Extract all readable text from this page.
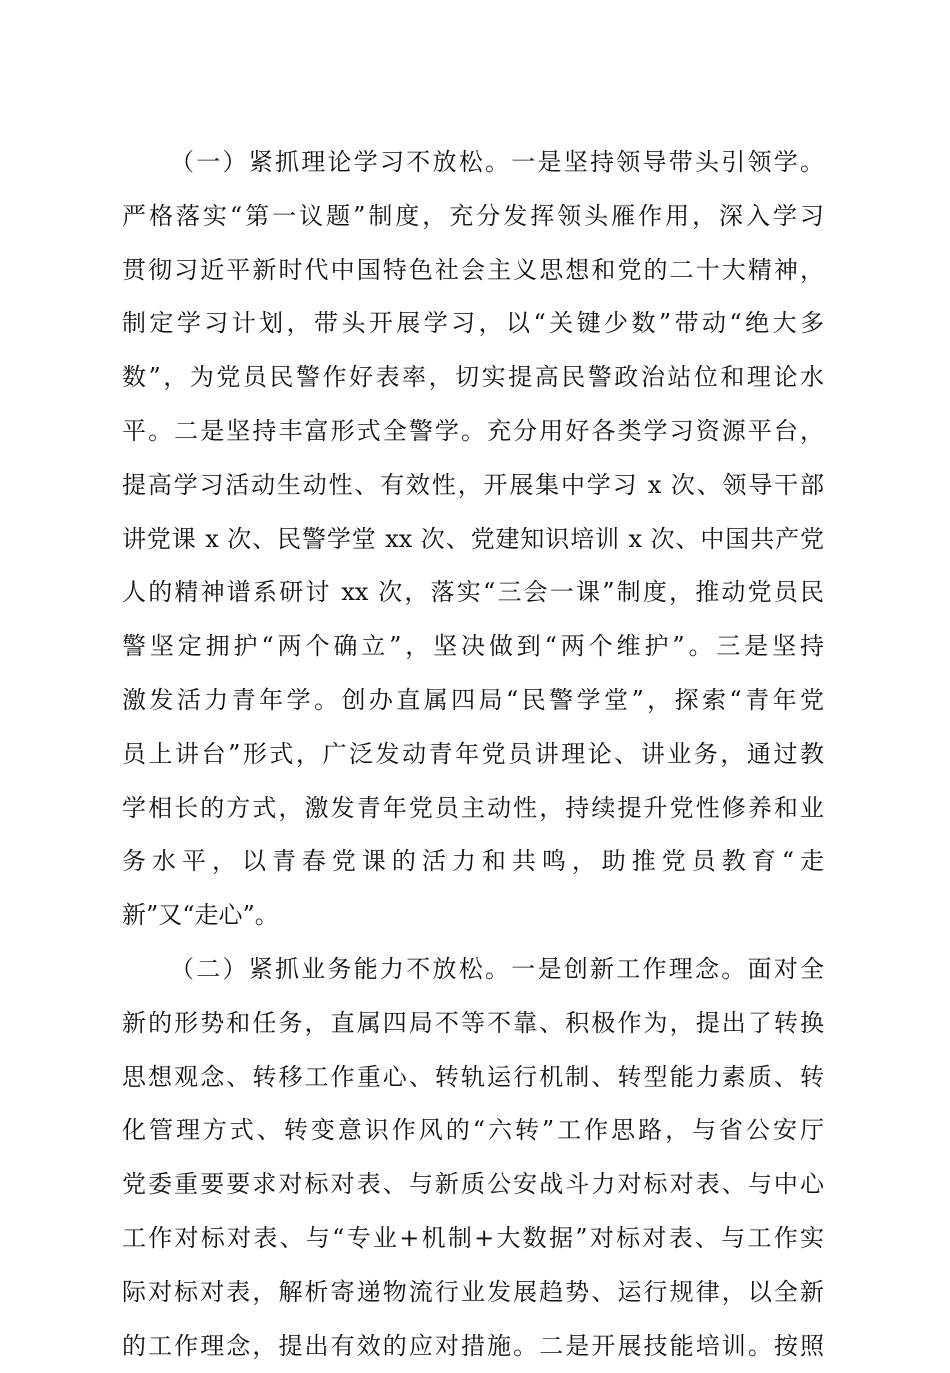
（一）紧抓理论学习不放松。一是坚持领导带头引领学。
严格落实“第一议题”制度，充分发挥领头雁作用，深入学习
贯彻习近平新时代中国特色社会主义思想和党的二十大精神，
制定学习计划，带头开展学习，以“关键少数”带动“绝大多
数”，为党员民警作好表率，切实提高民警政治站位和理论水
平。二是坚持丰富形式全警学。充分用好各类学习资源平台，
提高学习活动生动性、有效性，开展集中学习 x 次、领导干部
讲党课 x 次、民警学堂 xx 次、党建知识培训 x 次、中国共产党
人的精神谱系研讨 xx 次，落实“三会一课”制度，推动党员民
警坚定拥护“两个确立”，坚决做到“两个维护”。三是坚持
激发活力青年学。创办直属四局“民警学堂”，探索“青年党
员上讲台”形式，广泛发动青年党员讲理论、讲业务，通过教
学相长的方式，激发青年党员主动性，持续提升党性修养和业
务水平，以青春党课的活力和共鸣，助推党员教育“走
新”又“走心”。
（二）紧抓业务能力不放松。一是创新工作理念。面对全
新的形势和任务，直属四局不等不靠、积极作为，提出了转换
思想观念、转移工作重心、转轨运行机制、转型能力素质、转
化管理方式、转变意识作风的“六转”工作思路，与省公安厅
党委重要要求对标对表、与新质公安战斗力对标对表、与中心
工作对标对表、与“专业+机制+大数据”对标对表、与工作实
际对标对表，解析寄递物流行业发展趋势、运行规律，以全新
的工作理念，提出有效的应对措施。二是开展技能培训。按照
